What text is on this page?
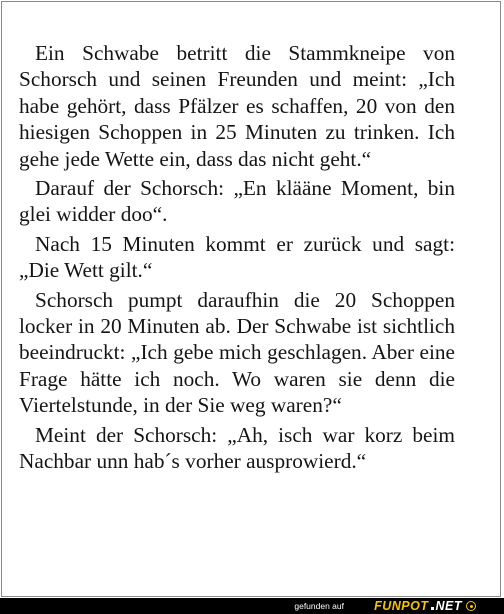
Ein Schwabe betritt die Stammkneipe von Schorsch und seinen Freunden und meint: „Ich habe gehört, dass Pfälzer es schaffen, 20 von den hiesigen Schoppen in 25 Minuten zu trinken. Ich gehe jede Wette ein, dass das nicht geht.“

Darauf der Schorsch: „En klääne Moment, bin glei widder doo“.

Nach 15 Minuten kommt er zurück und sagt: „Die Wett gilt.“

Schorsch pumpt daraufhin die 20 Schoppen locker in 20 Minuten ab. Der Schwabe ist sichtlich beeindruckt: „Ich gebe mich geschlagen. Aber eine Frage hätte ich noch. Wo waren sie denn die Viertelstunde, in der Sie weg waren?“

Meint der Schorsch: „Ah, isch war korz beim Nachbar unn hab´s vorher ausprowierd.“

gefunden auf FUNPOT NET
